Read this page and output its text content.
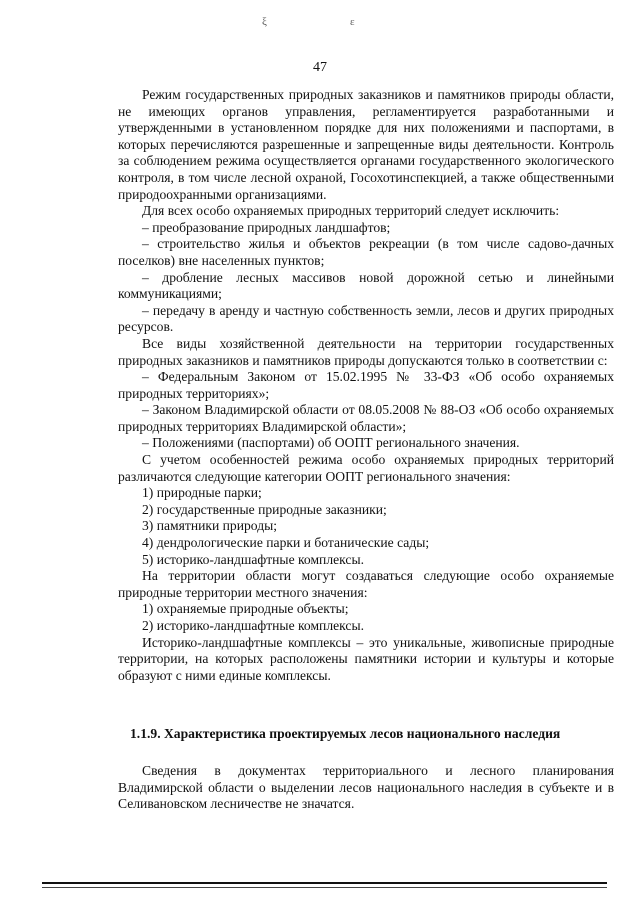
ξ	ε
47

Режим государственных природных заказников и памятников природы области, не имеющих органов управления, регламентируется разработанными и утвержденными в установленном порядке для них положениями и паспортами, в которых перечисляются разрешенные и запрещенные виды деятельности. Контроль за соблюдением режима осуществляется органами государственного экологического контроля, в том числе лесной охраной, Госохотинспекцией, а также общественными природоохранными организациями.

Для всех особо охраняемых природных территорий следует исключить:

– преобразование природных ландшафтов;

– строительство жилья и объектов рекреации (в том числе садово-дачных поселков) вне населенных пунктов;

– дробление лесных массивов новой дорожной сетью и линейными коммуникациями;

– передачу в аренду и частную собственность земли, лесов и других природных ресурсов.

Все виды хозяйственной деятельности на территории государственных природных заказников и памятников природы допускаются только в соответствии с:

– Федеральным Законом от 15.02.1995 № 33-ФЗ «Об особо охраняемых природных территориях»;

– Законом Владимирской области от 08.05.2008 № 88-ОЗ «Об особо охраняемых природных территориях Владимирской области»;

– Положениями (паспортами) об ООПТ регионального значения.

С учетом особенностей режима особо охраняемых природных территорий различаются следующие категории ООПТ регионального значения:

1) природные парки;

2) государственные природные заказники;

3) памятники природы;

4) дендрологические парки и ботанические сады;

5) историко-ландшафтные комплексы.

На территории области могут создаваться следующие особо охраняемые природные территории местного значения:

1) охраняемые природные объекты;

2) историко-ландшафтные комплексы.

Историко-ландшафтные комплексы – это уникальные, живописные природные территории, на которых расположены памятники истории и культуры и которые образуют с ними единые комплексы.

1.1.9. Характеристика проектируемых лесов национального наследия

Сведения в документах территориального и лесного планирования Владимирской области о выделении лесов национального наследия в субъекте и в Селивановском лесничестве не значатся.
